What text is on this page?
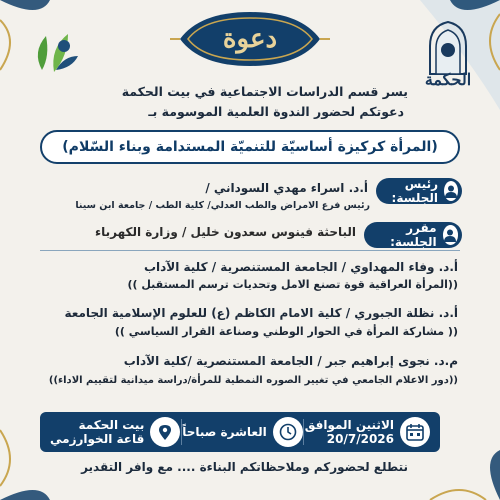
دعوة
الحكمة
يسر قسم الدراسات الاجتماعية في بيت الحكمة
دعوتكم لحضور الندوة العلمية الموسومة بـ
(المرأة كركيزة أساسيّة للتنميّة المستدامة وبناء السّلام)
رئيس الجلسة:
أ.د. اسراء مهدي السوداني /
رئيس فرع الامراض والطب العدلي/ كلية الطب / جامعة ابن سينا
مقرر الجلسة:
الباحثة فينوس سعدون خليل / وزارة الكهرباء
أ.د. وفاء المهداوي / الجامعة المستنصرية / كلية الآداب
((المرأة العراقية قوة تصنع الامل وتحديات ترسم المستقبل ))
أ.د. نظلة الجبوري / كلية الامام الكاظم (ع) للعلوم الإسلامية الجامعة
(( مشاركة المرأة في الحوار الوطني وصناعة القرار السياسي ))
م.د. نجوى إبراهيم جبر / الجامعة المستنصرية /كلية الآداب
((دور الاعلام الجامعي في تغيير الصوره النمطية للمرأة/دراسة ميدانية لتقييم الاداء))
الاثنين الموافق
20/7/2026
العاشرة صباحاً
بيت الحكمة
قاعة الخوارزمي
نتطلع لحضوركم وملاحظاتكم البناءة .... مع وافر التقدير
